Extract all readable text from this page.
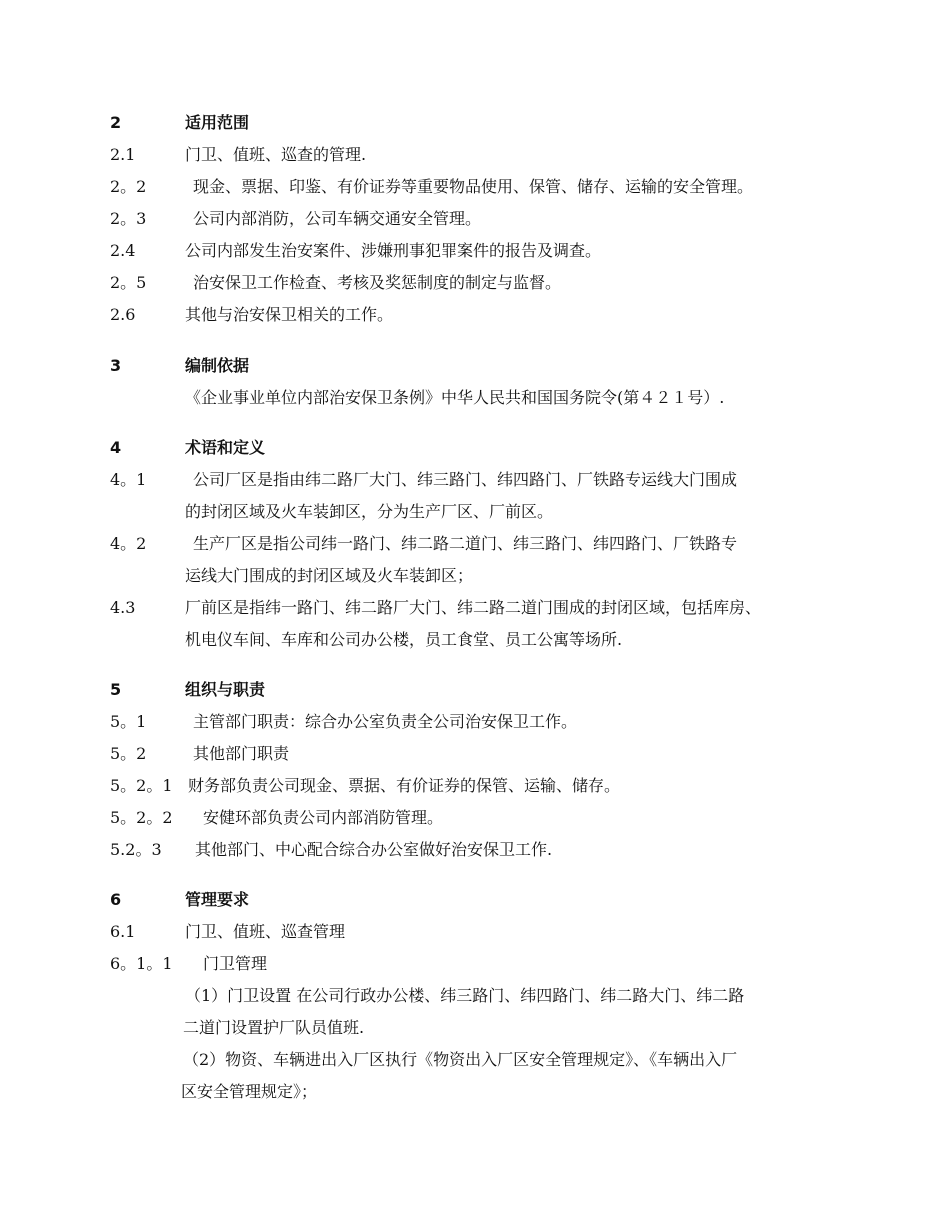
2	适用范围
2.1	门卫、值班、巡查的管理.
2。2	现金、票据、印鉴、有价证券等重要物品使用、保管、储存、运输的安全管理。
2。3	公司内部消防，公司车辆交通安全管理。
2.4	公司内部发生治安案件、涉嫌刑事犯罪案件的报告及调查。
2。5	治安保卫工作检查、考核及奖惩制度的制定与监督。
2.6	其他与治安保卫相关的工作。
3	编制依据
《企业事业单位内部治安保卫条例》中华人民共和国国务院令(第４２１号）.
4	术语和定义
4。1	公司厂区是指由纬二路厂大门、纬三路门、纬四路门、厂铁路专运线大门围成
的封闭区域及火车装卸区，分为生产厂区、厂前区。
4。2	生产厂区是指公司纬一路门、纬二路二道门、纬三路门、纬四路门、厂铁路专
运线大门围成的封闭区域及火车装卸区；
4.3	厂前区是指纬一路门、纬二路厂大门、纬二路二道门围成的封闭区域，包括库房、
机电仪车间、车库和公司办公楼，员工食堂、员工公寓等场所.
5	组织与职责
5。1	主管部门职责：综合办公室负责全公司治安保卫工作。
5。2	其他部门职责
5。2。1 财务部负责公司现金、票据、有价证券的保管、运输、储存。
5。2。2 安健环部负责公司内部消防管理。
5.2。3 其他部门、中心配合综合办公室做好治安保卫工作.
6	管理要求
6.1	门卫、值班、巡查管理
6。1。1 门卫管理
（1）门卫设置 在公司行政办公楼、纬三路门、纬四路门、纬二路大门、纬二路
二道门设置护厂队员值班.
（2）物资、车辆进出入厂区执行《物资出入厂区安全管理规定》、《车辆出入厂
区安全管理规定》；
